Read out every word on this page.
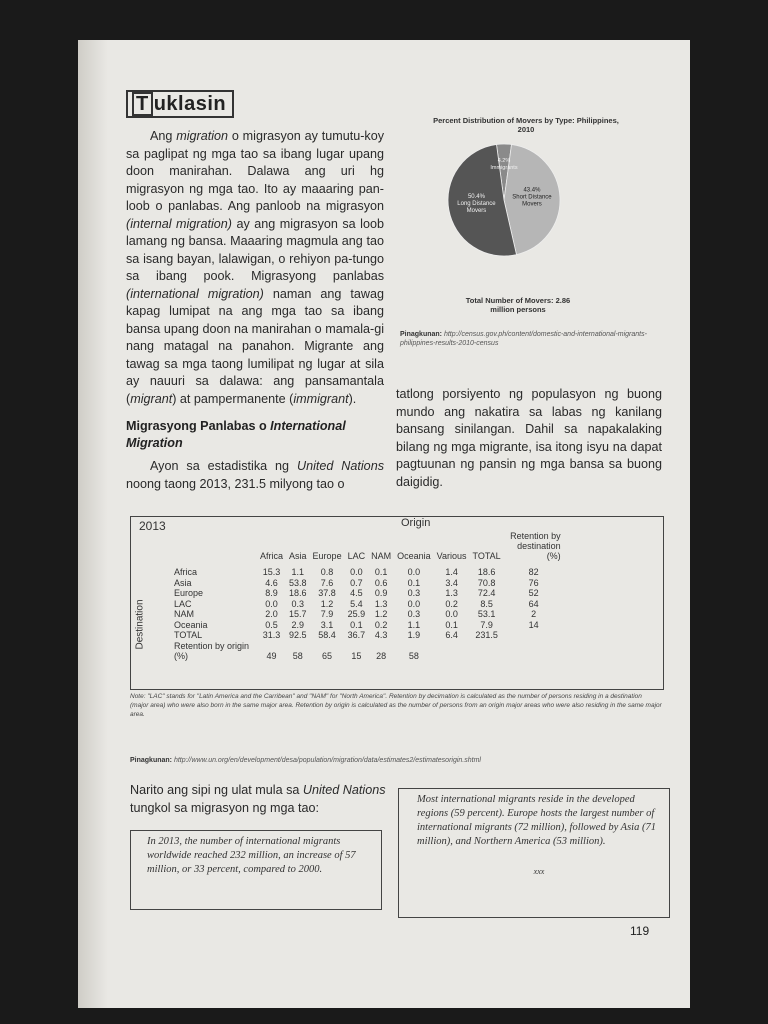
T uklasin
Ang migration o migrasyon ay tumutu-koy sa paglipat ng mga tao sa ibang lugar upang doon manirahan. Dalawa ang uri hg migrasyon ng mga tao. Ito ay maaaring pan-loob o panlabas. Ang panloob na migrasyon (internal migration) ay ang migrasyon sa loob lamang ng bansa. Maaaring magmula ang tao sa isang bayan, lalawigan, o rehiyon pa-tungo sa ibang pook. Migrasyong panlabas (international migration) naman ang tawag kapag lumipat na ang mga tao sa ibang bansa upang doon na manirahan o mamala-gi nang matagal na panahon. Migrante ang tawag sa mga taong lumilipat ng lugar at sila ay nauuri sa dalawa: ang pansamantala (migrant) at pampermanente (immigrant).
Migrasyong Panlabas o International Migration
Ayon sa estadistika ng United Nations noong taong 2013, 231.5 milyong tao o
Percent Distribution of Movers by Type: Philippines, 2010
4.2% Immigrants
43.4% Short Distance Movers
50.4% Long Distance Movers
Total Number of Movers: 2.86 million persons
Pinagkunan: http://census.gov.ph/content/domestic-and-international-migrants-philippines-results-2010-census
tatlong porsiyento ng populasyon ng buong mundo ang nakatira sa labas ng kanilang bansang sinilangan. Dahil sa napakalaking bilang ng mga migrante, isa itong isyu na dapat pagtuunan ng pansin ng mga bansa sa buong daigidig.
2013	Origin
Destination
	Africa	Asia	Europe	LAC	NAM	Oceania	Various	TOTAL	Retention by destination (%)
Africa	15.3	1.1	0.8	0.0	0.1	0.0	1.4	18.6	82
Asia	4.6	53.8	7.6	0.7	0.6	0.1	3.4	70.8	76
Europe	8.9	18.6	37.8	4.5	0.9	0.3	1.3	72.4	52
LAC	0.0	0.3	1.2	5.4	1.3	0.0	0.2	8.5	64
NAM	2.0	15.7	7.9	25.9	1.2	0.3	0.0	53.1	2
Oceania	0.5	2.9	3.1	0.1	0.2	1.1	0.1	7.9	14
TOTAL	31.3	92.5	58.4	36.7	4.3	1.9	6.4	231.5	
Retention by origin (%)	49	58	65	15	28	58			
Note: "LAC" stands for "Latin America and the Carribean" and "NAM" for "North America". Retention by decimation is calculated as the number of persons residing in a destination (major area) who were also born in the same major area. Retention by origin is calculated as the number of persons from an origin major areas who were also residing in the same major area.
Pinagkunan: http://www.un.org/en/development/desa/population/migration/data/estimates2/estimatesorigin.shtml
Narito ang sipi ng ulat mula sa United Nations tungkol sa migrasyon ng mga tao:
In 2013, the number of international migrants worldwide reached 232 million, an increase of 57 million, or 33 percent, compared to 2000.
Most international migrants reside in the developed regions (59 percent). Europe hosts the largest number of international migrants (72 million), followed by Asia (71 million), and Northern America (53 million).
xxx
119
